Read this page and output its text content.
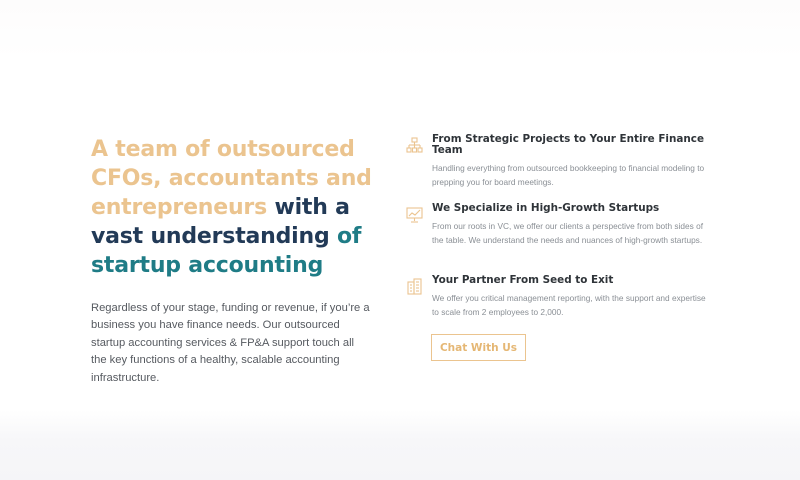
A team of outsourced CFOs, accountants and entrepreneurs with a vast understanding of startup accounting

Regardless of your stage, funding or revenue, if you’re a business you have finance needs. Our outsourced startup accounting services & FP&A support touch all the key functions of a healthy, scalable accounting infrastructure.

From Strategic Projects to Your Entire Finance Team

Handling everything from outsourced bookkeeping to financial modeling to prepping you for board meetings.

We Specialize in High-Growth Startups

From our roots in VC, we offer our clients a perspective from both sides of the table. We understand the needs and nuances of high-growth startups.

Your Partner From Seed to Exit

We offer you critical management reporting, with the support and expertise to scale from 2 employees to 2,000.

Chat With Us
